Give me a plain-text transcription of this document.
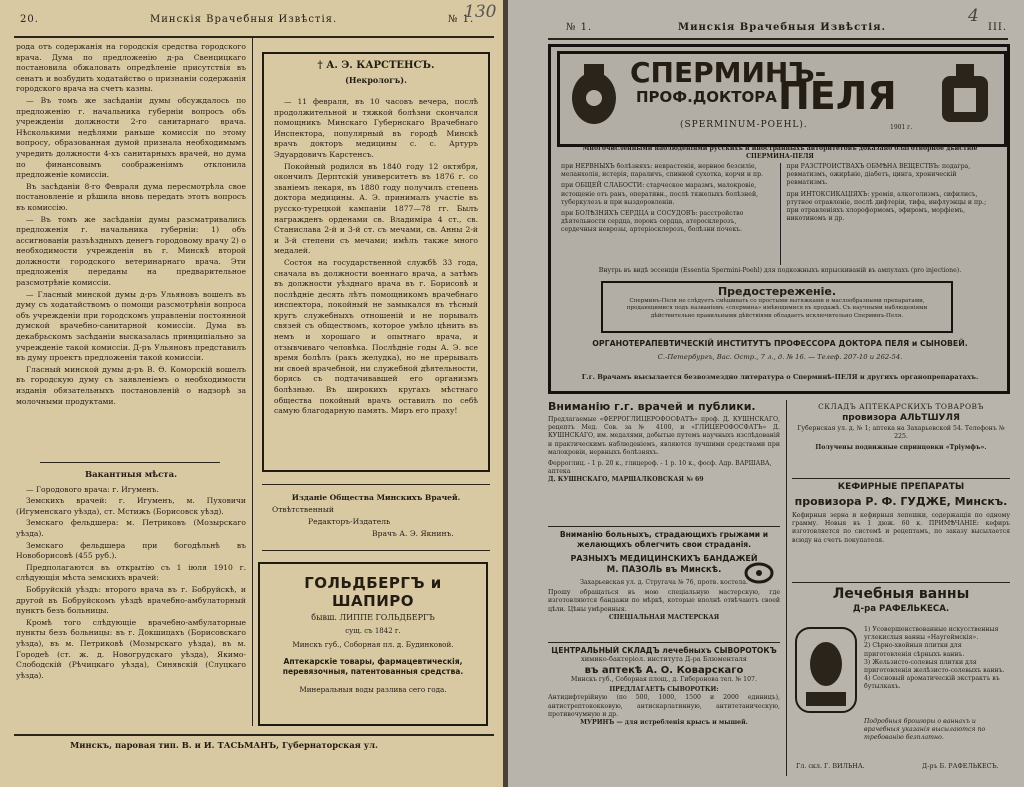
20.	Минскія Врачебныя Извѣстія.	№ 1.
130

рода отъ содержанія на городскія средства городского врача. Дума по предложенію д-ра Свенцицкаго постановила обжаловать опредѣленіе присутствія въ сенатъ и возбудить ходатайство о признаніи содержанія городского врача на счетъ казны.

— Въ томъ же засѣданіи думы обсуждалось по предложенію г. начальника губерніи вопросъ объ учрежденіи должности 2-го санитарнаго врача. Нѣсколькими недѣлями раньше комиссія по этому вопросу, образованная думой признала необходимымъ учредить должности 4-хъ санитарныхъ врачей, но дума по финансовымъ соображеніямъ отклонила предложеніе комиссіи.

Въ засѣданіи 8-го Февраля дума пересмотрѣла свое постановленіе и рѣшила вновь передать этотъ вопросъ въ комиссію.

— Въ томъ же засѣданіи думы разсматривались предложенія г. начальника губерніи: 1) объ ассигнованіи разъѣздныхъ денегъ городовому врачу 2) о необходимости учрежденія въ г. Минскѣ второй должности городского ветеринарнаго врача. Эти предложенія переданы на предварительное разсмотрѣніе комиссіи.

— Гласный минской думы д-ръ Ульяновъ вошелъ въ думу съ ходатайствомъ о помощи разсмотрѣнія вопроса объ учрежденіи при городскомъ управленіи постоянной думской врачебно-санитарной комиссіи. Дума въ декабрьскомъ засѣданіи высказалась принципіально за учрежденіе такой комиссіи. Д-ръ Ульяновъ представилъ въ думу проектъ предложенія такой комиссіи.

Гласный минской думы д-ръ В. Ө. Коморскій вошелъ въ городскую думу съ заявленіемъ о необходимости изданія обязательныхъ постановленій о надзорѣ за молочными продуктами.

Вакантныя мѣста.

— Городового врача: г. Игуменъ.

Земскихъ врачей: г. Игуменъ, м. Пуховичи (Игуменскаго уѣзда), ст. Мстижъ (Борисовск уѣзд).

Земскаго фельдшера: м. Петриковъ (Мозырскаго уѣзда).

Земскаго фельдшера при богодѣльнѣ въ Новоборисовѣ (455 руб.).

Предполагаются въ открытію съ 1 іюля 1910 г. слѣдующія мѣста земскихъ врачей:

Бобруйскій уѣздъ: второго врача въ г. Бобруйскѣ, и другой въ Бобруйскомъ уѣздѣ врачебно-амбулаторный пунктъ безъ больницы.

Кромѣ того слѣдующіе врачебно-амбулаторные пункты безъ больницы: въ г. Докшицахъ (Борисовскаго уѣзда), въ м. Петриковѣ (Мозырскаго уѣзда), въ м. Городеѣ (ст. ж. д. Новогрудскаго уѣзда), Якимо-Слободскій (Рѣчицкаго уѣзда), Синявскій (Слуцкаго уѣзда).

† А. Э. КАРСТЕНСЪ.
(Некрологъ).

— 11 февраля, въ 10 часовъ вечера, послѣ продолжительной и тяжкой болѣзни скончался помощникъ Минскаго Губернскаго Врачебнаго Инспектора, популярный въ городѣ Минскѣ врачъ докторъ медицины с. с. Артуръ Эдуардовичъ Карстенсъ.

Покойный родился въ 1840 году 12 октября, окончилъ Дерптскій университетъ въ 1876 г. со званіемъ лекаря, въ 1880 году получилъ степень доктора медицины. А. Э. принималъ участіе въ русско-турецкой кампаніи 1877—78 гг. Былъ награжденъ орденами св. Владиміра 4 ст., св. Станислава 2-й и 3-й ст. съ мечами, св. Анны 2-й и 3-й степени съ мечами; имѣлъ также много медалей.

Состоя на государственной службѣ 33 года, сначала въ должности военнаго врача, а затѣмъ въ должности уѣзднаго врача въ г. Борисовѣ и послѣдніе десять лѣтъ помощникомъ врачебнаго инспектора, покойный не замыкался въ тѣсный кругъ служебныхъ отношеній и не порывалъ связей съ обществомъ, которое умѣло цѣнить въ немъ и хорошаго и опытнаго врача, и отзывчиваго человѣка. Послѣдніе годы А. Э. все время болѣлъ (ракъ желудка), но не прерывалъ ни своей врачебной, ни служебной дѣятельности, борясь съ подтачивавшей его организмъ болѣзнью. Въ широкихъ кругахъ мѣстнаго общества покойный врачъ оставилъ по себѣ самую благодарную память. Миръ его праху!

Изданіе Общества Минскихъ Врачей.
Отвѣтственный
Редакторъ-Издатель
Врачъ А. Э. Якнинъ.
ГОЛЬДБЕРГЪ и ШАПИРО
бывш. ЛИППЕ ГОЛЬДБЕРГЪ
сущ. съ 1842 г.
Минскъ губ., Соборная пл. д. Будинковой.
Аптекарскіе товары, фармацевтическія, перевязочныя, патентованныя средства.
Минеральныя воды разлива сего года.
Минскъ, паровая тип. В. и И. ТАСЬМАНЪ, Губернаторская ул.
№ 1.	Минскія Врачебныя Извѣстія.
4
III.
СПЕРМИНЪ-
ПРОФ.ДОКТОРА ПЕЛЯ
(SPERMINUM-POEHL).	1901 г.
Многочисленными наблюденіями русскихъ и иностранныхъ авторитетовъ доказано благотворное дѣйствіе СПЕРМИНА-ПЕЛЯ
при НЕРВНЫХЪ болѣзняхъ: неврастенія, нервное безсиліе, меланхолія, истерія, параличъ, спинной сухотка, корчи и пр.
при ОБЩЕЙ СЛАБОСТИ: старческое маразмъ, малокровіе, истощеніе отъ ранъ, оперативн., послѣ тяжелыхъ болѣзней, туберкулезъ и при выздоровленіи.
при БОЛѢЗНЯХЪ СЕРДЦА и СОСУДОВЪ: расстройство дѣятельности сердца, порокъ сердца, атеросклерозъ, сердечныя неврозы, артеріосклерозъ, болѣзни почекъ.
при РАЗСТРОЙСТВАХЪ ОБМѢНА ВЕЩЕСТВЪ: подагра, ревматизмъ, ожирѣніе, діабетъ, цинга, хроническій ревматизмъ.
при ИНТОКСИКАЦІЯХЪ: уремія, алкоголизмъ, сифилисъ, ртутное отравленіе, послѣ дифтеріи, тифа, инфлуэнцы и пр.; при отравленіяхъ хлороформомъ, эфиромъ, морфіемъ, никотиномъ и др.
Внутрь въ видѣ эссенціи (Essentia Spermini-Poehl) для подкожныхъ впрыскиваній въ ампулахъ (pro injectione).
Предостереженіе.
Сперминъ-Пеля не слѣдуетъ смѣшивать со простыми вытяжками и маслообразными препаратами, продающимися подъ названіемъ «спермина» имѣющимися въ продажѣ. Съ научными наблюденіями дѣйствительно правильными дѣйствіями обладаетъ исключительно Сперминъ-Пеля.
ОРГАНОТЕРАПЕВТИЧЕСКІЙ ИНСТИТУТЪ ПРОФЕССОРА ДОКТОРА ПЕЛЯ и СЫНОВЕЙ.
С.-Петербургъ, Вас. Остр., 7 л., д. № 16. — Телеф. 207-10 и 262-54.
Г.г. Врачамъ высылается безвозмездно литература о Сперминѣ-ПЕЛЯ и другихъ органопрепаратахъ.
Вниманію г.г. врачей и публики.
Предлагаемые «ФЕРРОГЛИЦЕРОФОСФАТЪ» проф. Д. КУШНСКАГО, рецептъ Мед. Сов. за № 4100, и «ГЛИЦЕРОФОСФАТЪ» Д. КУШНСКАГО, им. медалями, добытые путемъ научныхъ изслѣдованій и практическимъ наблюденіемъ, являются лучшими средствами при малокровіи, нервныхъ болѣзняхъ.
Ферроглиц. - 1 р. 20 к., глицероф. - 1 р. 10 к., фосф. Адр. ВАРШАВА, аптека
Д. КУШНСКАГО, МАРШАЛКОВСКАЯ № 69
Вниманію больныхъ, страдающихъ грыжами и желающихъ облегчить свои страданія.
РАЗНЫХЪ МЕДИЦИНСКИХЪ БАНДАЖЕЙ
М. ПАЗОЛЬ въ Минскѣ.
Захарьевская ул. д. Стругача № 76, протв. костела.
Прошу обращаться въ мою спеціальную мастерскую, где изготовляются бандажи по мѣркѣ, которые вполнѣ отвѣчаютъ своей цѣли. Цѣны умѣренныя.
СПЕЦІАЛЬНАЯ МАСТЕРСКАЯ
ЦЕНТРАЛЬНЫЙ СКЛАДЪ лечебныхъ СЫВОРОТОКЪ
химико-бактеріол. института Д-ра Блюменталя
въ аптекѣ А. О. Коварскаго
Минскъ губ., Соборная площ., д. Гиберонова тел. № 107.
ПРЕДЛАГАЕТЪ СЫВОРОТКИ:
Антидифтерійную (по 500, 1000, 1500 и 2000 единицъ), антистрептококковую, антискарлатинную, антитетаническую, противочумную и др.
МУРИНЪ — для истребленія крысъ и мышей.
СКЛАДЪ АПТЕКАРСКИХЪ ТОВАРОВЪ
провизора АЛЬТШУЛЯ
Губернская ул. д. № 1; аптека на Захарьевской 54. Телефонъ № 225.
Получены подвижные спринцовки «Тріумфъ».
КЕФИРНЫЕ ПРЕПАРАТЫ
провизора Р. Ф. ГУДЖЕ, Минскъ.
Кефирныя зерна и кефирныя лепешки, содержащія по одному грамму. Новыя въ 1 дюж. 60 к. ПРИМѢЧАНІЕ: кефиръ изготовляется по системѣ и рецептамъ, по заказу высылается всюду на счетъ покупателя.
Лечебныя ванны
Д-ра РАФЕЛЬКЕСА.
1) Усовершенствованные искусственныя углекислыя ванны «Наугеймскія».
2) Сѣрно-хвойныя плитки для приготовленія сѣрныхъ ваннъ.
3) Жельзисто-солевыя плитки для приготовленія желѣзисто-солевыхъ ваннъ.
4) Сосновый ароматическій экстрактъ въ бутылкахъ.
Подробныя брошюры о ваннахъ и врачебныя указанія высылаются по требованію безплатно.
Гл. скл. Г. ВИЛЬНА.	Д-ръ Б. РАФЕЛЬКЕСЪ.
